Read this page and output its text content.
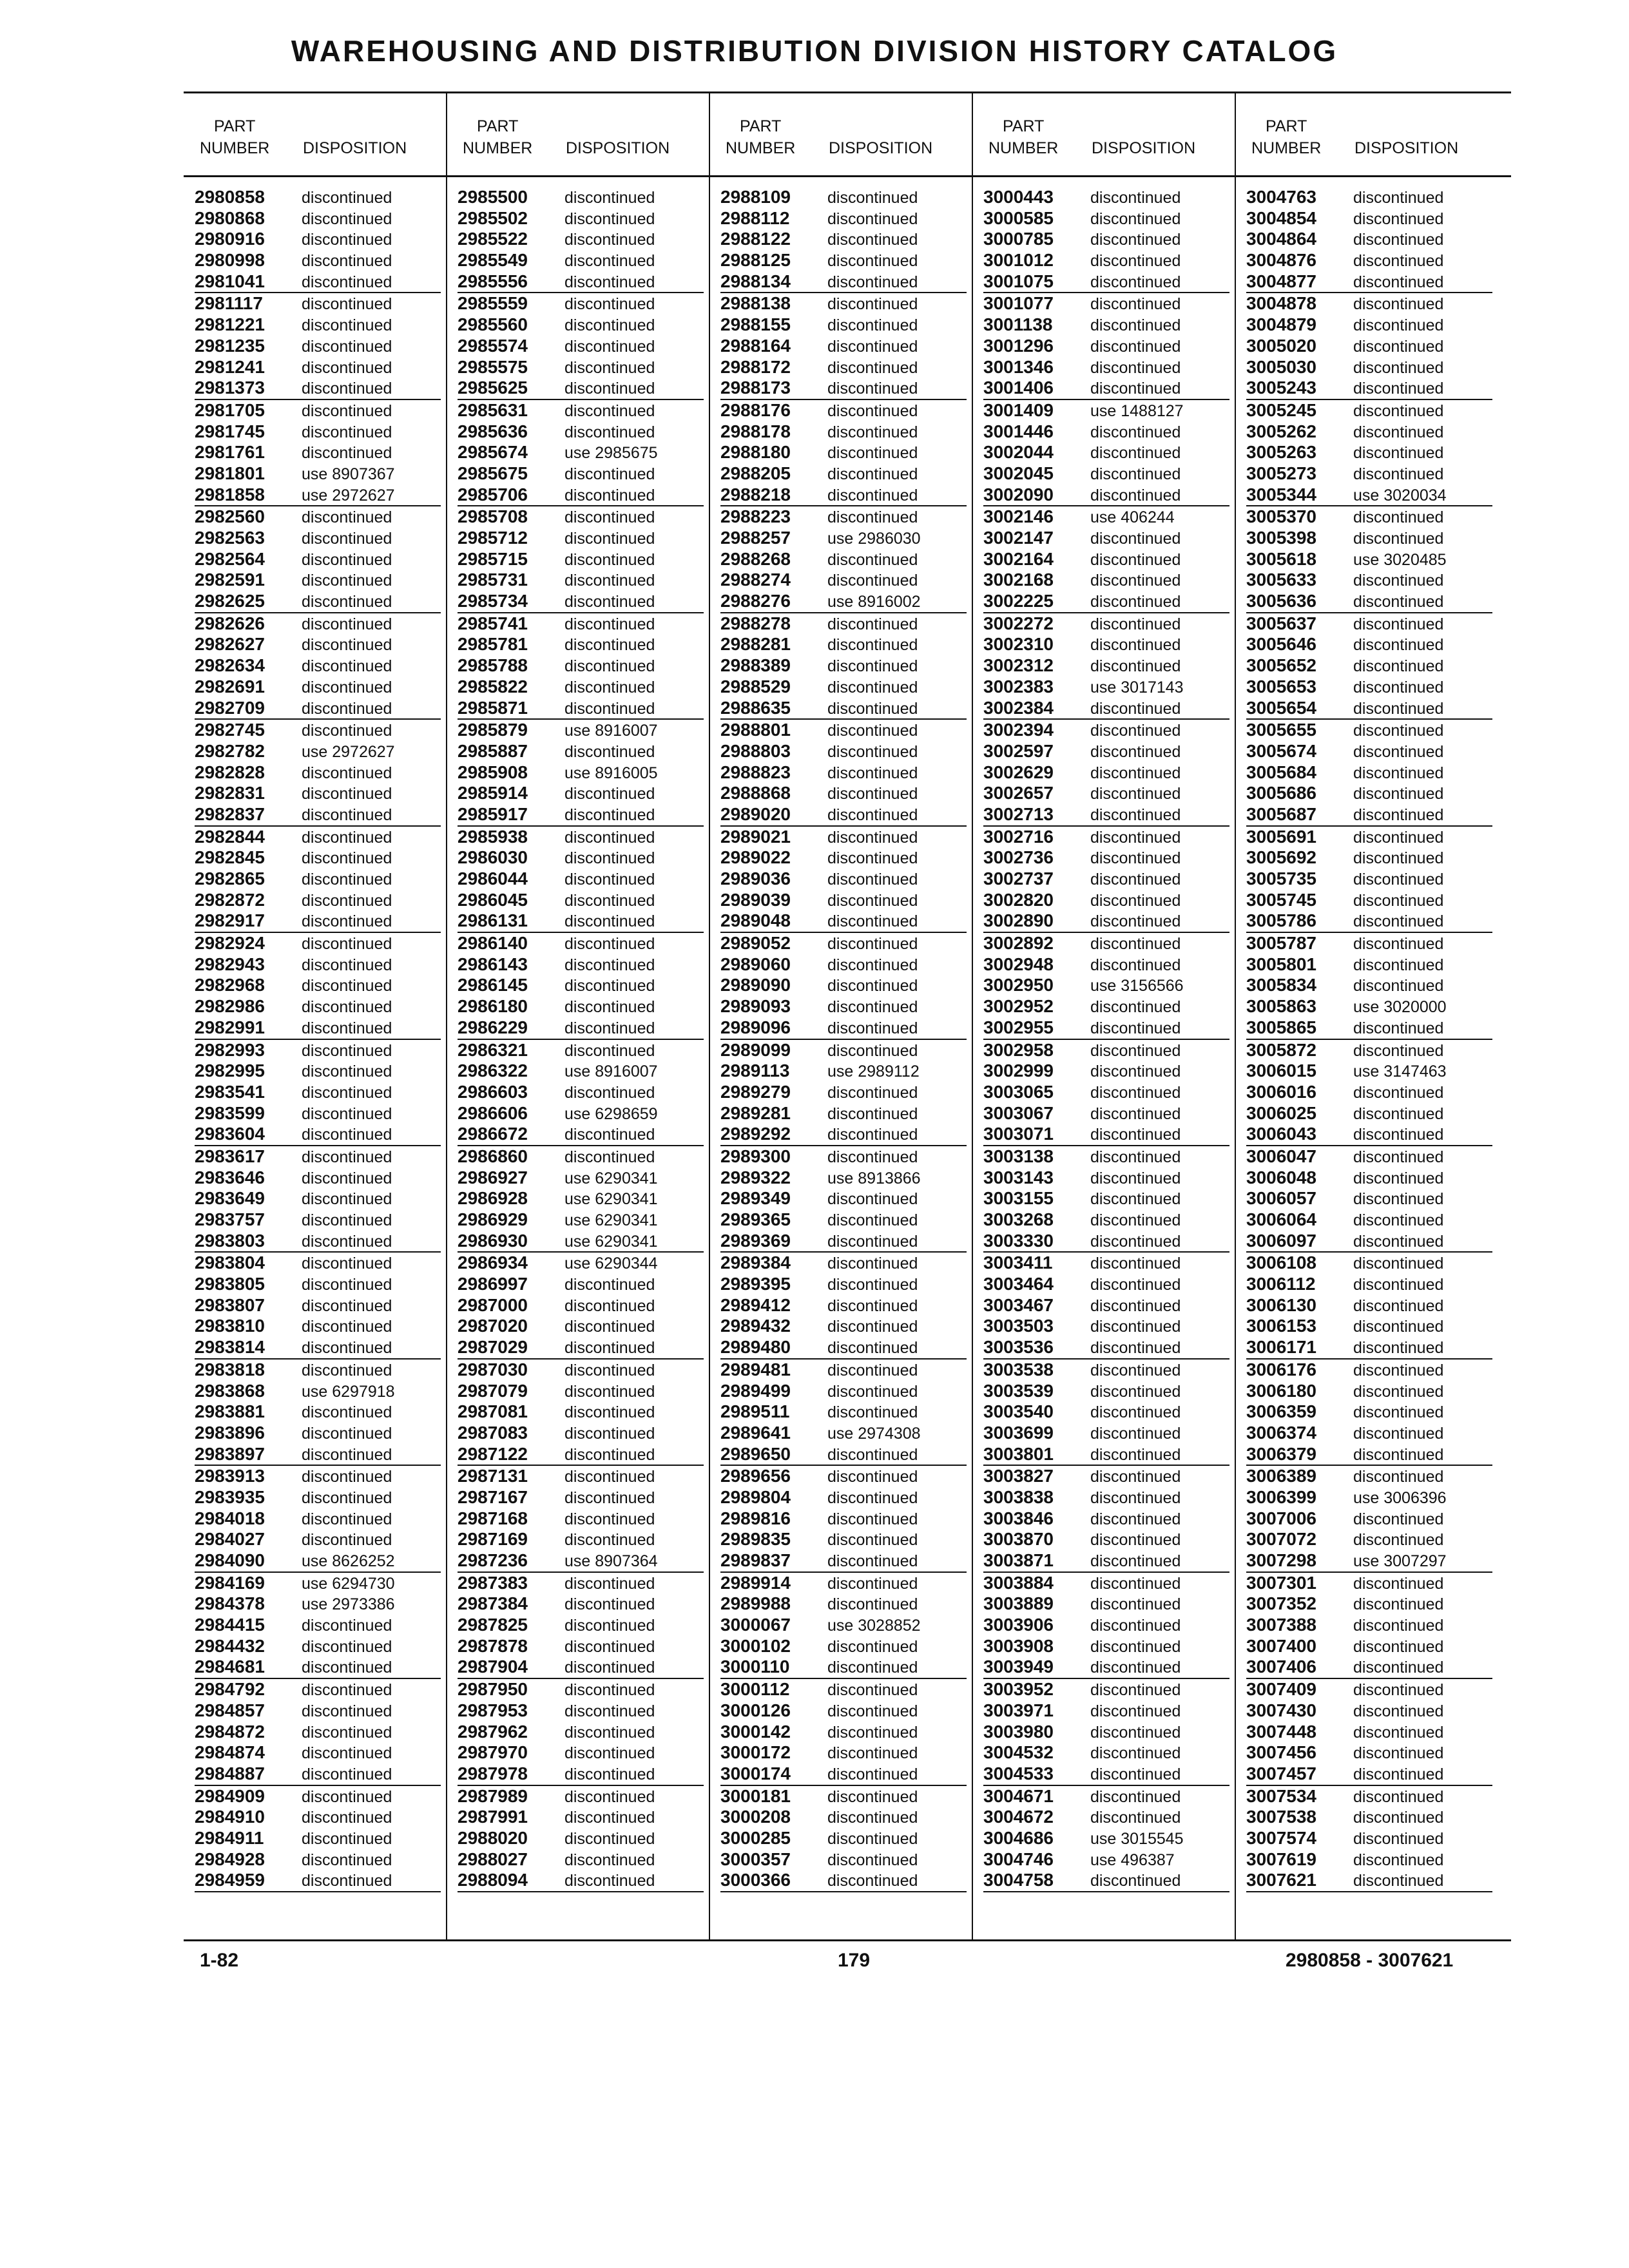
WAREHOUSING AND DISTRIBUTION DIVISION HISTORY CATALOG
PART
NUMBER DISPOSITION
2980858 discontinued
2980868 discontinued
2980916 discontinued
2980998 discontinued
2981041 discontinued
2981117 discontinued
2981221 discontinued
2981235 discontinued
2981241 discontinued
2981373 discontinued
2981705 discontinued
2981745 discontinued
2981761 discontinued
2981801 use 8907367
2981858 use 2972627
2982560 discontinued
2982563 discontinued
2982564 discontinued
2982591 discontinued
2982625 discontinued
2982626 discontinued
2982627 discontinued
2982634 discontinued
2982691 discontinued
2982709 discontinued
2982745 discontinued
2982782 use 2972627
2982828 discontinued
2982831 discontinued
2982837 discontinued
2982844 discontinued
2982845 discontinued
2982865 discontinued
2982872 discontinued
2982917 discontinued
2982924 discontinued
2982943 discontinued
2982968 discontinued
2982986 discontinued
2982991 discontinued
2982993 discontinued
2982995 discontinued
2983541 discontinued
2983599 discontinued
2983604 discontinued
2983617 discontinued
2983646 discontinued
2983649 discontinued
2983757 discontinued
2983803 discontinued
2983804 discontinued
2983805 discontinued
2983807 discontinued
2983810 discontinued
2983814 discontinued
2983818 discontinued
2983868 use 6297918
2983881 discontinued
2983896 discontinued
2983897 discontinued
2983913 discontinued
2983935 discontinued
2984018 discontinued
2984027 discontinued
2984090 use 8626252
2984169 use 6294730
2984378 use 2973386
2984415 discontinued
2984432 discontinued
2984681 discontinued
2984792 discontinued
2984857 discontinued
2984872 discontinued
2984874 discontinued
2984887 discontinued
2984909 discontinued
2984910 discontinued
2984911 discontinued
2984928 discontinued
2984959 discontinued
PART
NUMBER DISPOSITION
2985500 discontinued
2985502 discontinued
2985522 discontinued
2985549 discontinued
2985556 discontinued
2985559 discontinued
2985560 discontinued
2985574 discontinued
2985575 discontinued
2985625 discontinued
2985631 discontinued
2985636 discontinued
2985674 use 2985675
2985675 discontinued
2985706 discontinued
2985708 discontinued
2985712 discontinued
2985715 discontinued
2985731 discontinued
2985734 discontinued
2985741 discontinued
2985781 discontinued
2985788 discontinued
2985822 discontinued
2985871 discontinued
2985879 use 8916007
2985887 discontinued
2985908 use 8916005
2985914 discontinued
2985917 discontinued
2985938 discontinued
2986030 discontinued
2986044 discontinued
2986045 discontinued
2986131 discontinued
2986140 discontinued
2986143 discontinued
2986145 discontinued
2986180 discontinued
2986229 discontinued
2986321 discontinued
2986322 use 8916007
2986603 discontinued
2986606 use 6298659
2986672 discontinued
2986860 discontinued
2986927 use 6290341
2986928 use 6290341
2986929 use 6290341
2986930 use 6290341
2986934 use 6290344
2986997 discontinued
2987000 discontinued
2987020 discontinued
2987029 discontinued
2987030 discontinued
2987079 discontinued
2987081 discontinued
2987083 discontinued
2987122 discontinued
2987131 discontinued
2987167 discontinued
2987168 discontinued
2987169 discontinued
2987236 use 8907364
2987383 discontinued
2987384 discontinued
2987825 discontinued
2987878 discontinued
2987904 discontinued
2987950 discontinued
2987953 discontinued
2987962 discontinued
2987970 discontinued
2987978 discontinued
2987989 discontinued
2987991 discontinued
2988020 discontinued
2988027 discontinued
2988094 discontinued
PART
NUMBER DISPOSITION
2988109 discontinued
2988112 discontinued
2988122 discontinued
2988125 discontinued
2988134 discontinued
2988138 discontinued
2988155 discontinued
2988164 discontinued
2988172 discontinued
2988173 discontinued
2988176 discontinued
2988178 discontinued
2988180 discontinued
2988205 discontinued
2988218 discontinued
2988223 discontinued
2988257 use 2986030
2988268 discontinued
2988274 discontinued
2988276 use 8916002
2988278 discontinued
2988281 discontinued
2988389 discontinued
2988529 discontinued
2988635 discontinued
2988801 discontinued
2988803 discontinued
2988823 discontinued
2988868 discontinued
2989020 discontinued
2989021 discontinued
2989022 discontinued
2989036 discontinued
2989039 discontinued
2989048 discontinued
2989052 discontinued
2989060 discontinued
2989090 discontinued
2989093 discontinued
2989096 discontinued
2989099 discontinued
2989113 use 2989112
2989279 discontinued
2989281 discontinued
2989292 discontinued
2989300 discontinued
2989322 use 8913866
2989349 discontinued
2989365 discontinued
2989369 discontinued
2989384 discontinued
2989395 discontinued
2989412 discontinued
2989432 discontinued
2989480 discontinued
2989481 discontinued
2989499 discontinued
2989511 discontinued
2989641 use 2974308
2989650 discontinued
2989656 discontinued
2989804 discontinued
2989816 discontinued
2989835 discontinued
2989837 discontinued
2989914 discontinued
2989988 discontinued
3000067 use 3028852
3000102 discontinued
3000110 discontinued
3000112 discontinued
3000126 discontinued
3000142 discontinued
3000172 discontinued
3000174 discontinued
3000181 discontinued
3000208 discontinued
3000285 discontinued
3000357 discontinued
3000366 discontinued
PART
NUMBER DISPOSITION
3000443 discontinued
3000585 discontinued
3000785 discontinued
3001012 discontinued
3001075 discontinued
3001077 discontinued
3001138 discontinued
3001296 discontinued
3001346 discontinued
3001406 discontinued
3001409 use 1488127
3001446 discontinued
3002044 discontinued
3002045 discontinued
3002090 discontinued
3002146 use 406244
3002147 discontinued
3002164 discontinued
3002168 discontinued
3002225 discontinued
3002272 discontinued
3002310 discontinued
3002312 discontinued
3002383 use 3017143
3002384 discontinued
3002394 discontinued
3002597 discontinued
3002629 discontinued
3002657 discontinued
3002713 discontinued
3002716 discontinued
3002736 discontinued
3002737 discontinued
3002820 discontinued
3002890 discontinued
3002892 discontinued
3002948 discontinued
3002950 use 3156566
3002952 discontinued
3002955 discontinued
3002958 discontinued
3002999 discontinued
3003065 discontinued
3003067 discontinued
3003071 discontinued
3003138 discontinued
3003143 discontinued
3003155 discontinued
3003268 discontinued
3003330 discontinued
3003411 discontinued
3003464 discontinued
3003467 discontinued
3003503 discontinued
3003536 discontinued
3003538 discontinued
3003539 discontinued
3003540 discontinued
3003699 discontinued
3003801 discontinued
3003827 discontinued
3003838 discontinued
3003846 discontinued
3003870 discontinued
3003871 discontinued
3003884 discontinued
3003889 discontinued
3003906 discontinued
3003908 discontinued
3003949 discontinued
3003952 discontinued
3003971 discontinued
3003980 discontinued
3004532 discontinued
3004533 discontinued
3004671 discontinued
3004672 discontinued
3004686 use 3015545
3004746 use 496387
3004758 discontinued
PART
NUMBER DISPOSITION
3004763 discontinued
3004854 discontinued
3004864 discontinued
3004876 discontinued
3004877 discontinued
3004878 discontinued
3004879 discontinued
3005020 discontinued
3005030 discontinued
3005243 discontinued
3005245 discontinued
3005262 discontinued
3005263 discontinued
3005273 discontinued
3005344 use 3020034
3005370 discontinued
3005398 discontinued
3005618 use 3020485
3005633 discontinued
3005636 discontinued
3005637 discontinued
3005646 discontinued
3005652 discontinued
3005653 discontinued
3005654 discontinued
3005655 discontinued
3005674 discontinued
3005684 discontinued
3005686 discontinued
3005687 discontinued
3005691 discontinued
3005692 discontinued
3005735 discontinued
3005745 discontinued
3005786 discontinued
3005787 discontinued
3005801 discontinued
3005834 discontinued
3005863 use 3020000
3005865 discontinued
3005872 discontinued
3006015 use 3147463
3006016 discontinued
3006025 discontinued
3006043 discontinued
3006047 discontinued
3006048 discontinued
3006057 discontinued
3006064 discontinued
3006097 discontinued
3006108 discontinued
3006112 discontinued
3006130 discontinued
3006153 discontinued
3006171 discontinued
3006176 discontinued
3006180 discontinued
3006359 discontinued
3006374 discontinued
3006379 discontinued
3006389 discontinued
3006399 use 3006396
3007006 discontinued
3007072 discontinued
3007298 use 3007297
3007301 discontinued
3007352 discontinued
3007388 discontinued
3007400 discontinued
3007406 discontinued
3007409 discontinued
3007430 discontinued
3007448 discontinued
3007456 discontinued
3007457 discontinued
3007534 discontinued
3007538 discontinued
3007574 discontinued
3007619 discontinued
3007621 discontinued
1-82	179	2980858 - 3007621
